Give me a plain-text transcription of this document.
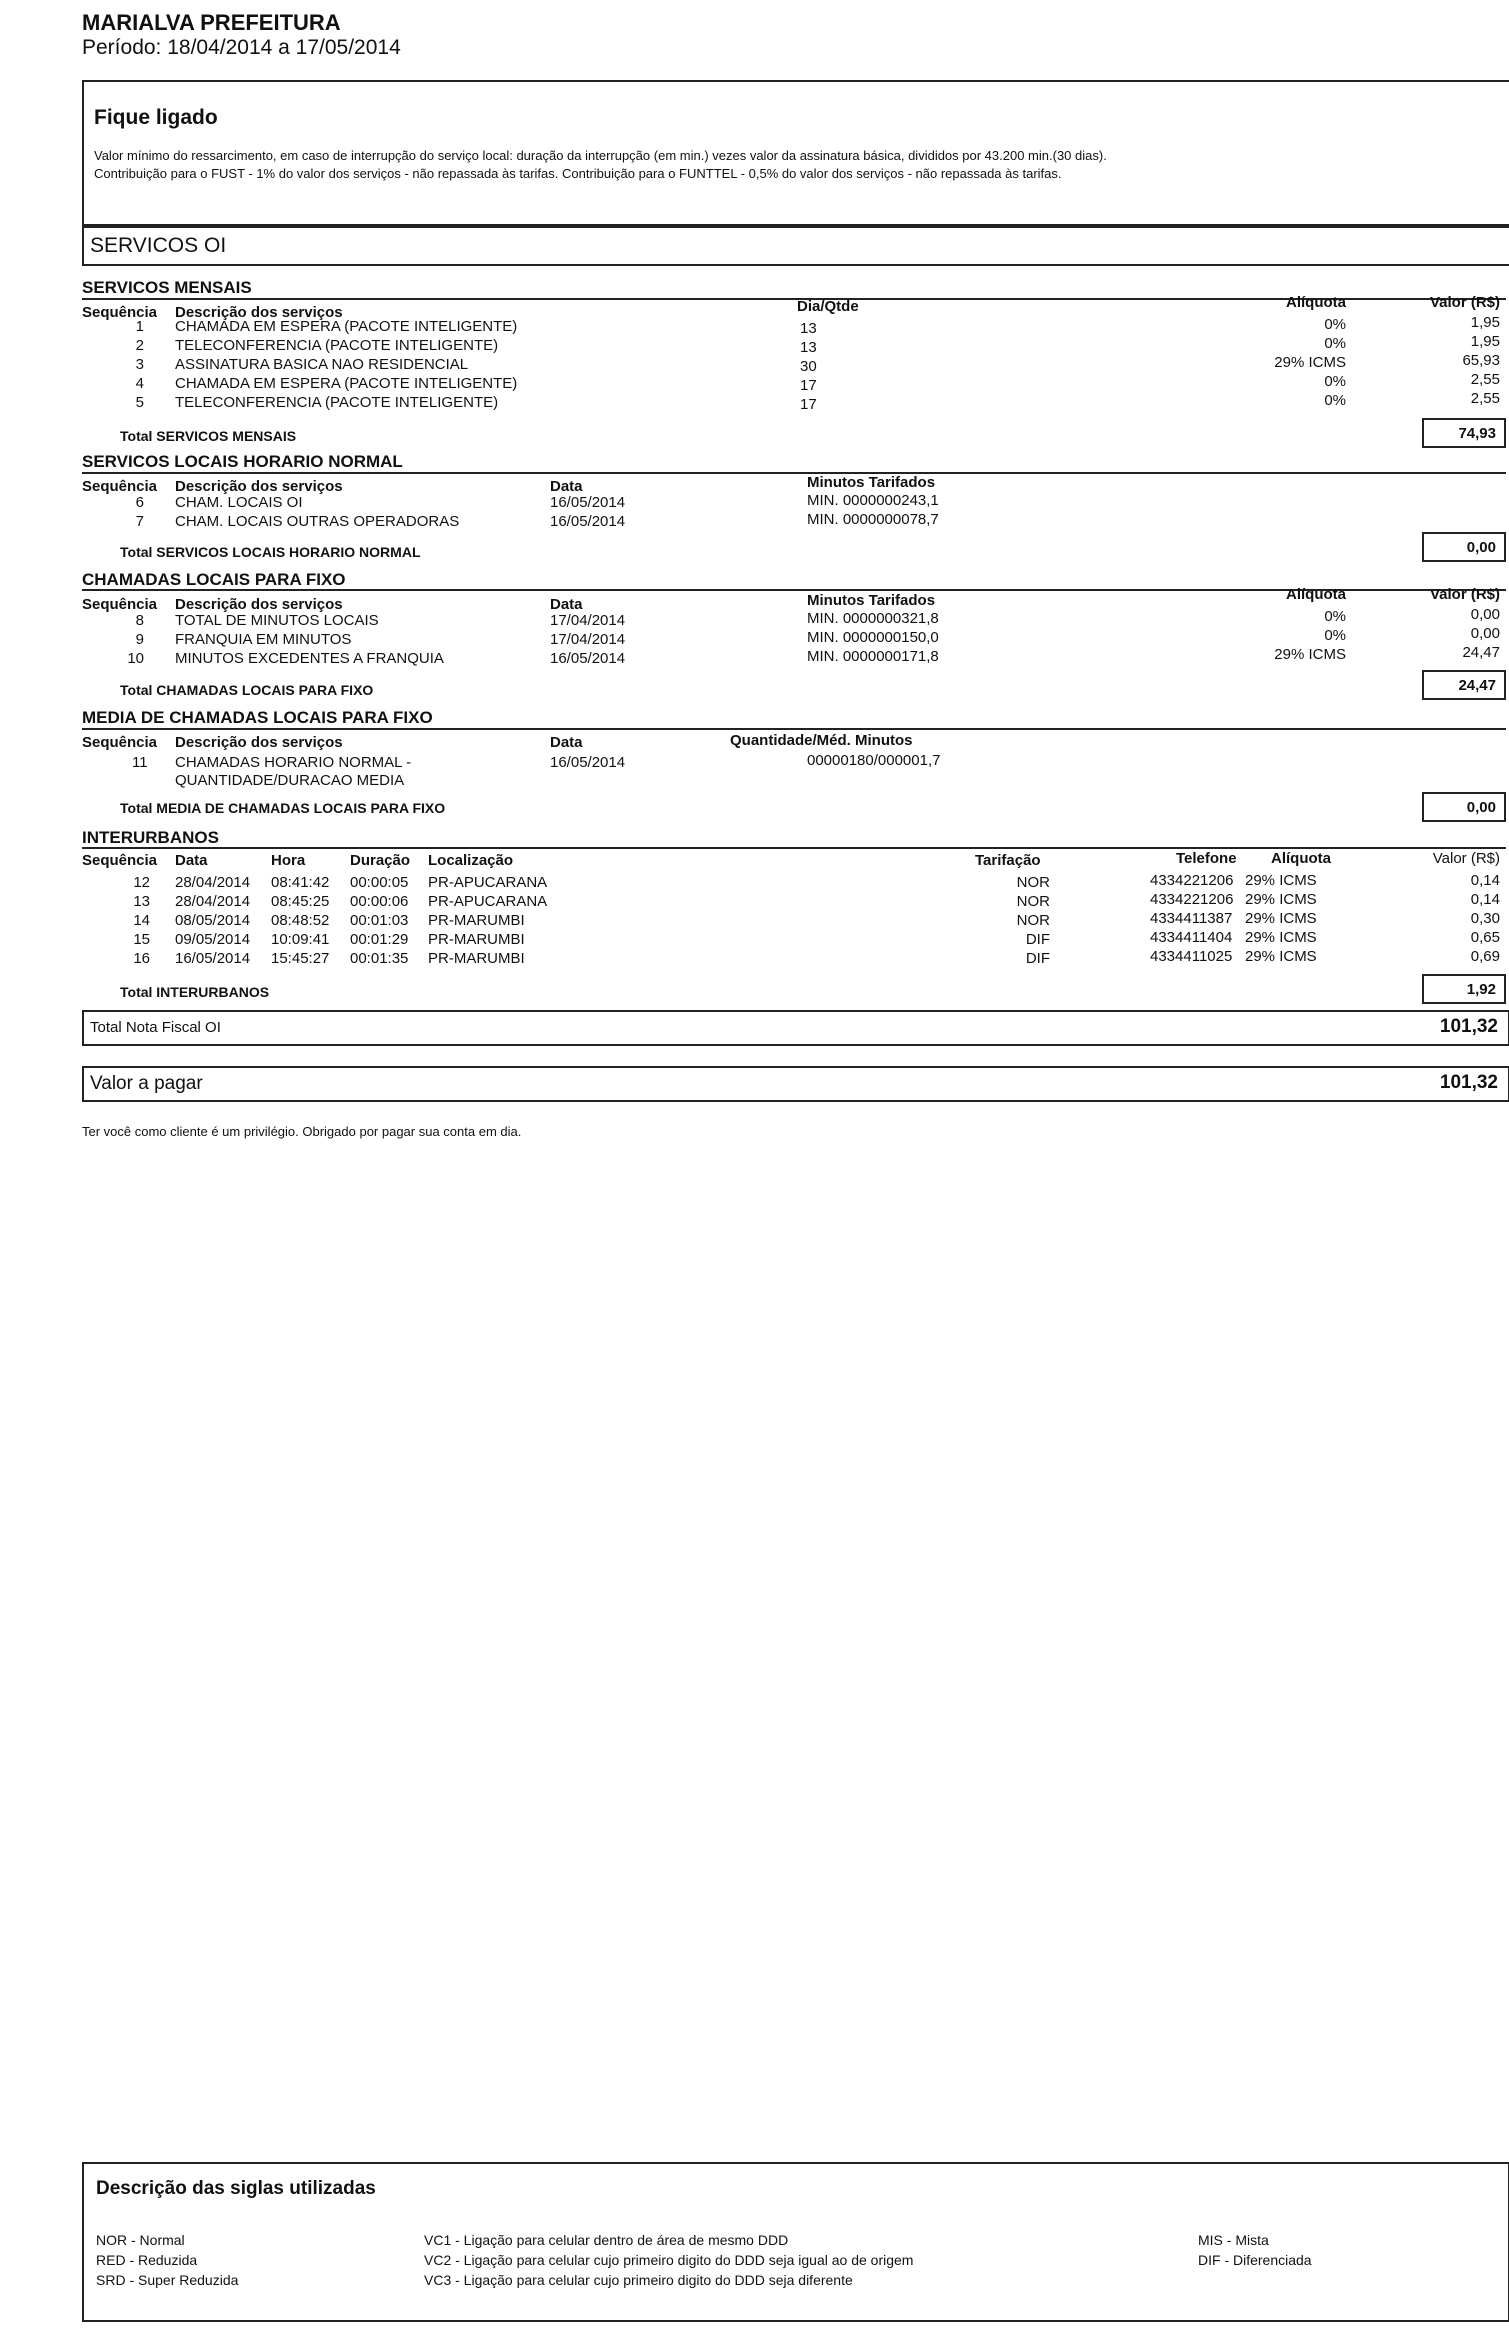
MARIALVA PREFEITURA
Período: 18/04/2014 a 17/05/2014
Fique ligado
Valor mínimo do ressarcimento, em caso de interrupção do serviço local: duração da interrupção (em min.) vezes valor da assinatura básica, divididos por 43.200 min.(30 dias).
Contribuição para o FUST - 1% do valor dos serviços - não repassada às tarifas. Contribuição para o FUNTTEL - 0,5% do valor dos serviços - não repassada às tarifas.
SERVICOS OI
SERVICOS MENSAIS
Sequência Descrição dos serviços	Dia/Qtde	Alíquota	Valor (R$)
1 CHAMADA EM ESPERA (PACOTE INTELIGENTE)	13	0%	1,95
2 TELECONFERENCIA (PACOTE INTELIGENTE)	13	0%	1,95
3 ASSINATURA BASICA NAO RESIDENCIAL	30	29% ICMS	65,93
4 CHAMADA EM ESPERA (PACOTE INTELIGENTE)	17	0%	2,55
5 TELECONFERENCIA (PACOTE INTELIGENTE)	17	0%	2,55
Total SERVICOS MENSAIS	74,93
SERVICOS LOCAIS HORARIO NORMAL
Sequência Descrição dos serviços	Data	Minutos Tarifados
6 CHAM. LOCAIS OI	16/05/2014	MIN. 0000000243,1
7 CHAM. LOCAIS OUTRAS OPERADORAS	16/05/2014	MIN. 0000000078,7
Total SERVICOS LOCAIS HORARIO NORMAL	0,00
CHAMADAS LOCAIS PARA FIXO
Sequência Descrição dos serviços	Data	Minutos Tarifados	Alíquota	Valor (R$)
8 TOTAL DE MINUTOS LOCAIS	17/04/2014	MIN. 0000000321,8	0%	0,00
9 FRANQUIA EM MINUTOS	17/04/2014	MIN. 0000000150,0	0%	0,00
10 MINUTOS EXCEDENTES A FRANQUIA	16/05/2014	MIN. 0000000171,8	29% ICMS	24,47
Total CHAMADAS LOCAIS PARA FIXO	24,47
MEDIA DE CHAMADAS LOCAIS PARA FIXO
Sequência Descrição dos serviços	Data	Quantidade/Méd. Minutos
11 CHAMADAS HORARIO NORMAL -
QUANTIDADE/DURACAO MEDIA
16/05/2014	00000180/000001,7
Total MEDIA DE CHAMADAS LOCAIS PARA FIXO	0,00
INTERURBANOS
Sequência Data	Hora	Duração Localização	Tarifação	Telefone Alíquota	Valor (R$)
12 28/04/2014 08:41:42 00:00:05 PR-APUCARANA	NOR	4334221206 29% ICMS	0,14
13 28/04/2014 08:45:25 00:00:06 PR-APUCARANA	NOR	4334221206 29% ICMS	0,14
14 08/05/2014 08:48:52 00:01:03 PR-MARUMBI	NOR	4334411387 29% ICMS	0,30
15 09/05/2014 10:09:41 00:01:29 PR-MARUMBI	DIF	4334411404 29% ICMS	0,65
16 16/05/2014 15:45:27 00:01:35 PR-MARUMBI	DIF	4334411025 29% ICMS	0,69
Total INTERURBANOS	1,92
Total Nota Fiscal OI	101,32
Valor a pagar	101,32
Ter você como cliente é um privilégio. Obrigado por pagar sua conta em dia.
Descrição das siglas utilizadas
NOR - Normal
RED - Reduzida
SRD - Super Reduzida
VC1 - Ligação para celular dentro de área de mesmo DDD
VC2 - Ligação para celular cujo primeiro digito do DDD seja igual ao de origem
VC3 - Ligação para celular cujo primeiro digito do DDD seja diferente
MIS - Mista
DIF - Diferenciada
